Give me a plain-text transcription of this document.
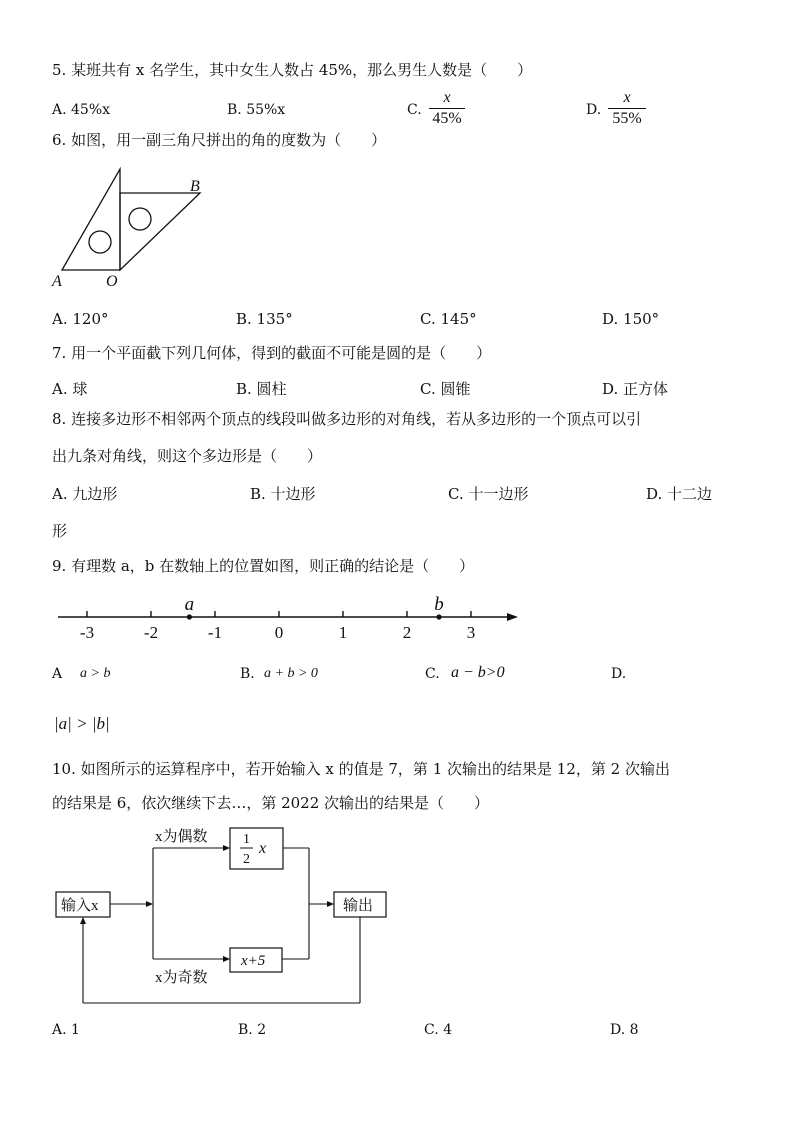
5. 某班共有 x 名学生，其中女生人数占 45%，那么男生人数是（　　）
A. 45%x	B. 55%x	C.
x
45%	D.
x
55%
6. 如图，用一副三角尺拼出的角的度数为（　　）
A	O
B
A. 120°	B. 135°	C. 145°	D. 150°
7. 用一个平面截下列几何体，得到的截面不可能是圆的是（　　）
A. 球	B. 圆柱	C. 圆锥	D. 正方体
8. 连接多边形不相邻两个顶点的线段叫做多边形的对角线，若从多边形的一个顶点可以引
出九条对角线，则这个多边形是（　　）
A. 九边形	B. 十边形	C. 十一边形	D. 十二边
形
9. 有理数 a，b 在数轴上的位置如图，则正确的结论是（　　）
-3	-2	-1	0	1	2	3
a	b
A a > b	B. a + b > 0	C. a − b>0	D.
|a| > |b|
10. 如图所示的运算程序中，若开始输入 x 的值是 7，第 1 次输出的结果是 12，第 2 次输出
的结果是 6，依次继续下去…，第 2022 次输出的结果是（　　）
输入x
x为偶数	1
2
x
x为奇数
x+5
输出
A. 1	B. 2	C. 4	D. 8
